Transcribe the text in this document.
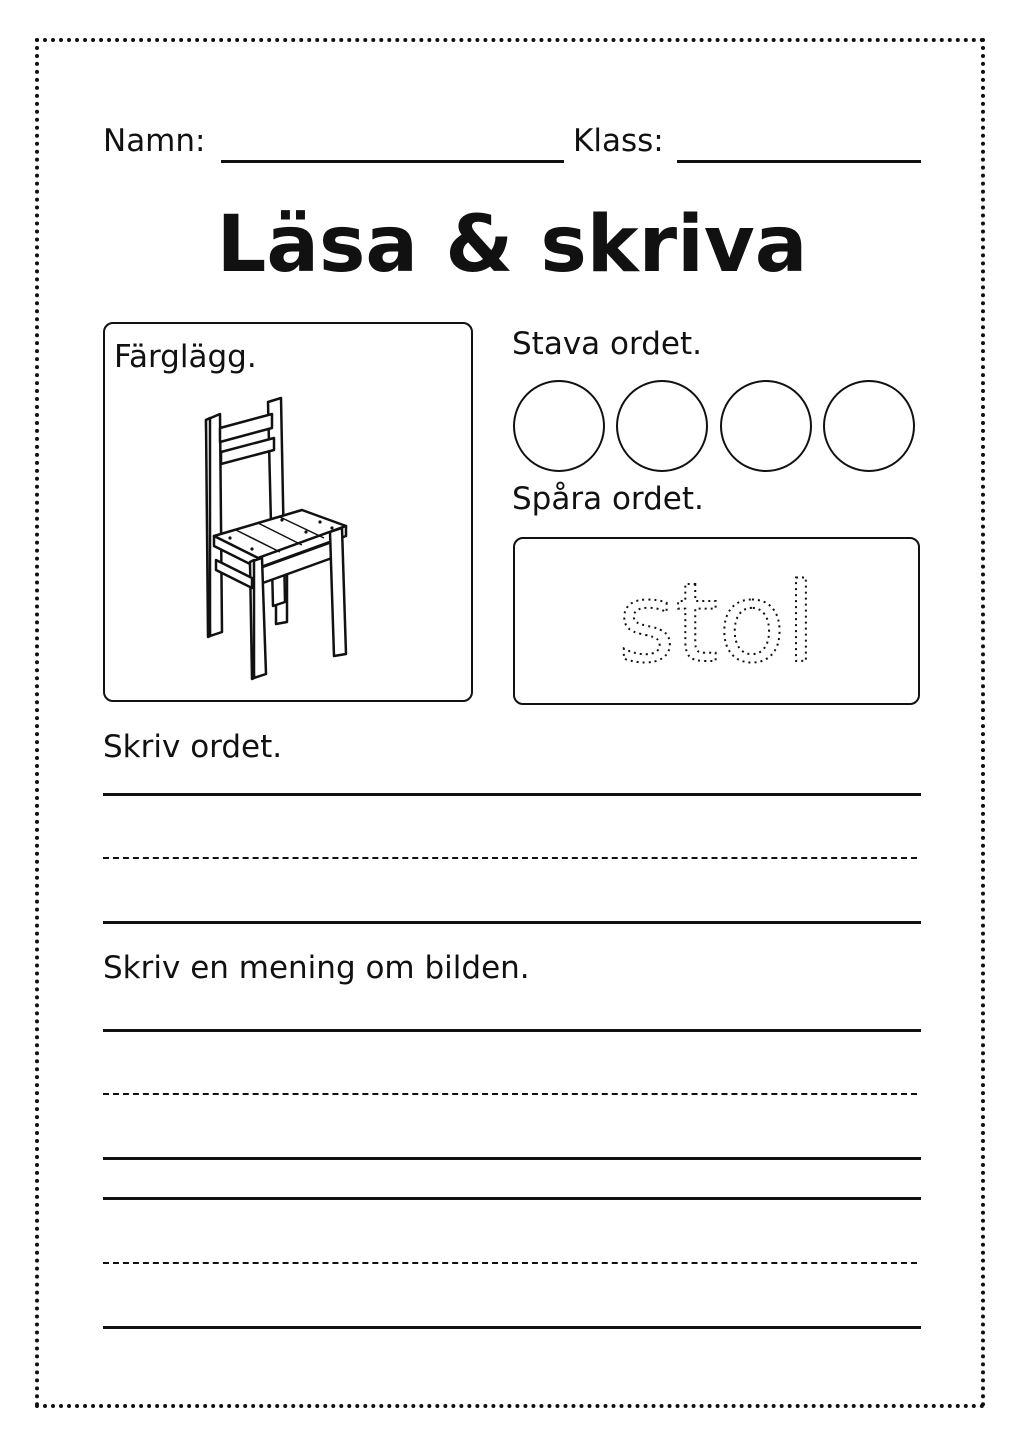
Namn:	Klass:
Läsa & skriva
Färglägg.	Stava ordet.
Spåra ordet.
stol
Skriv ordet.
Skriv en mening om bilden.
